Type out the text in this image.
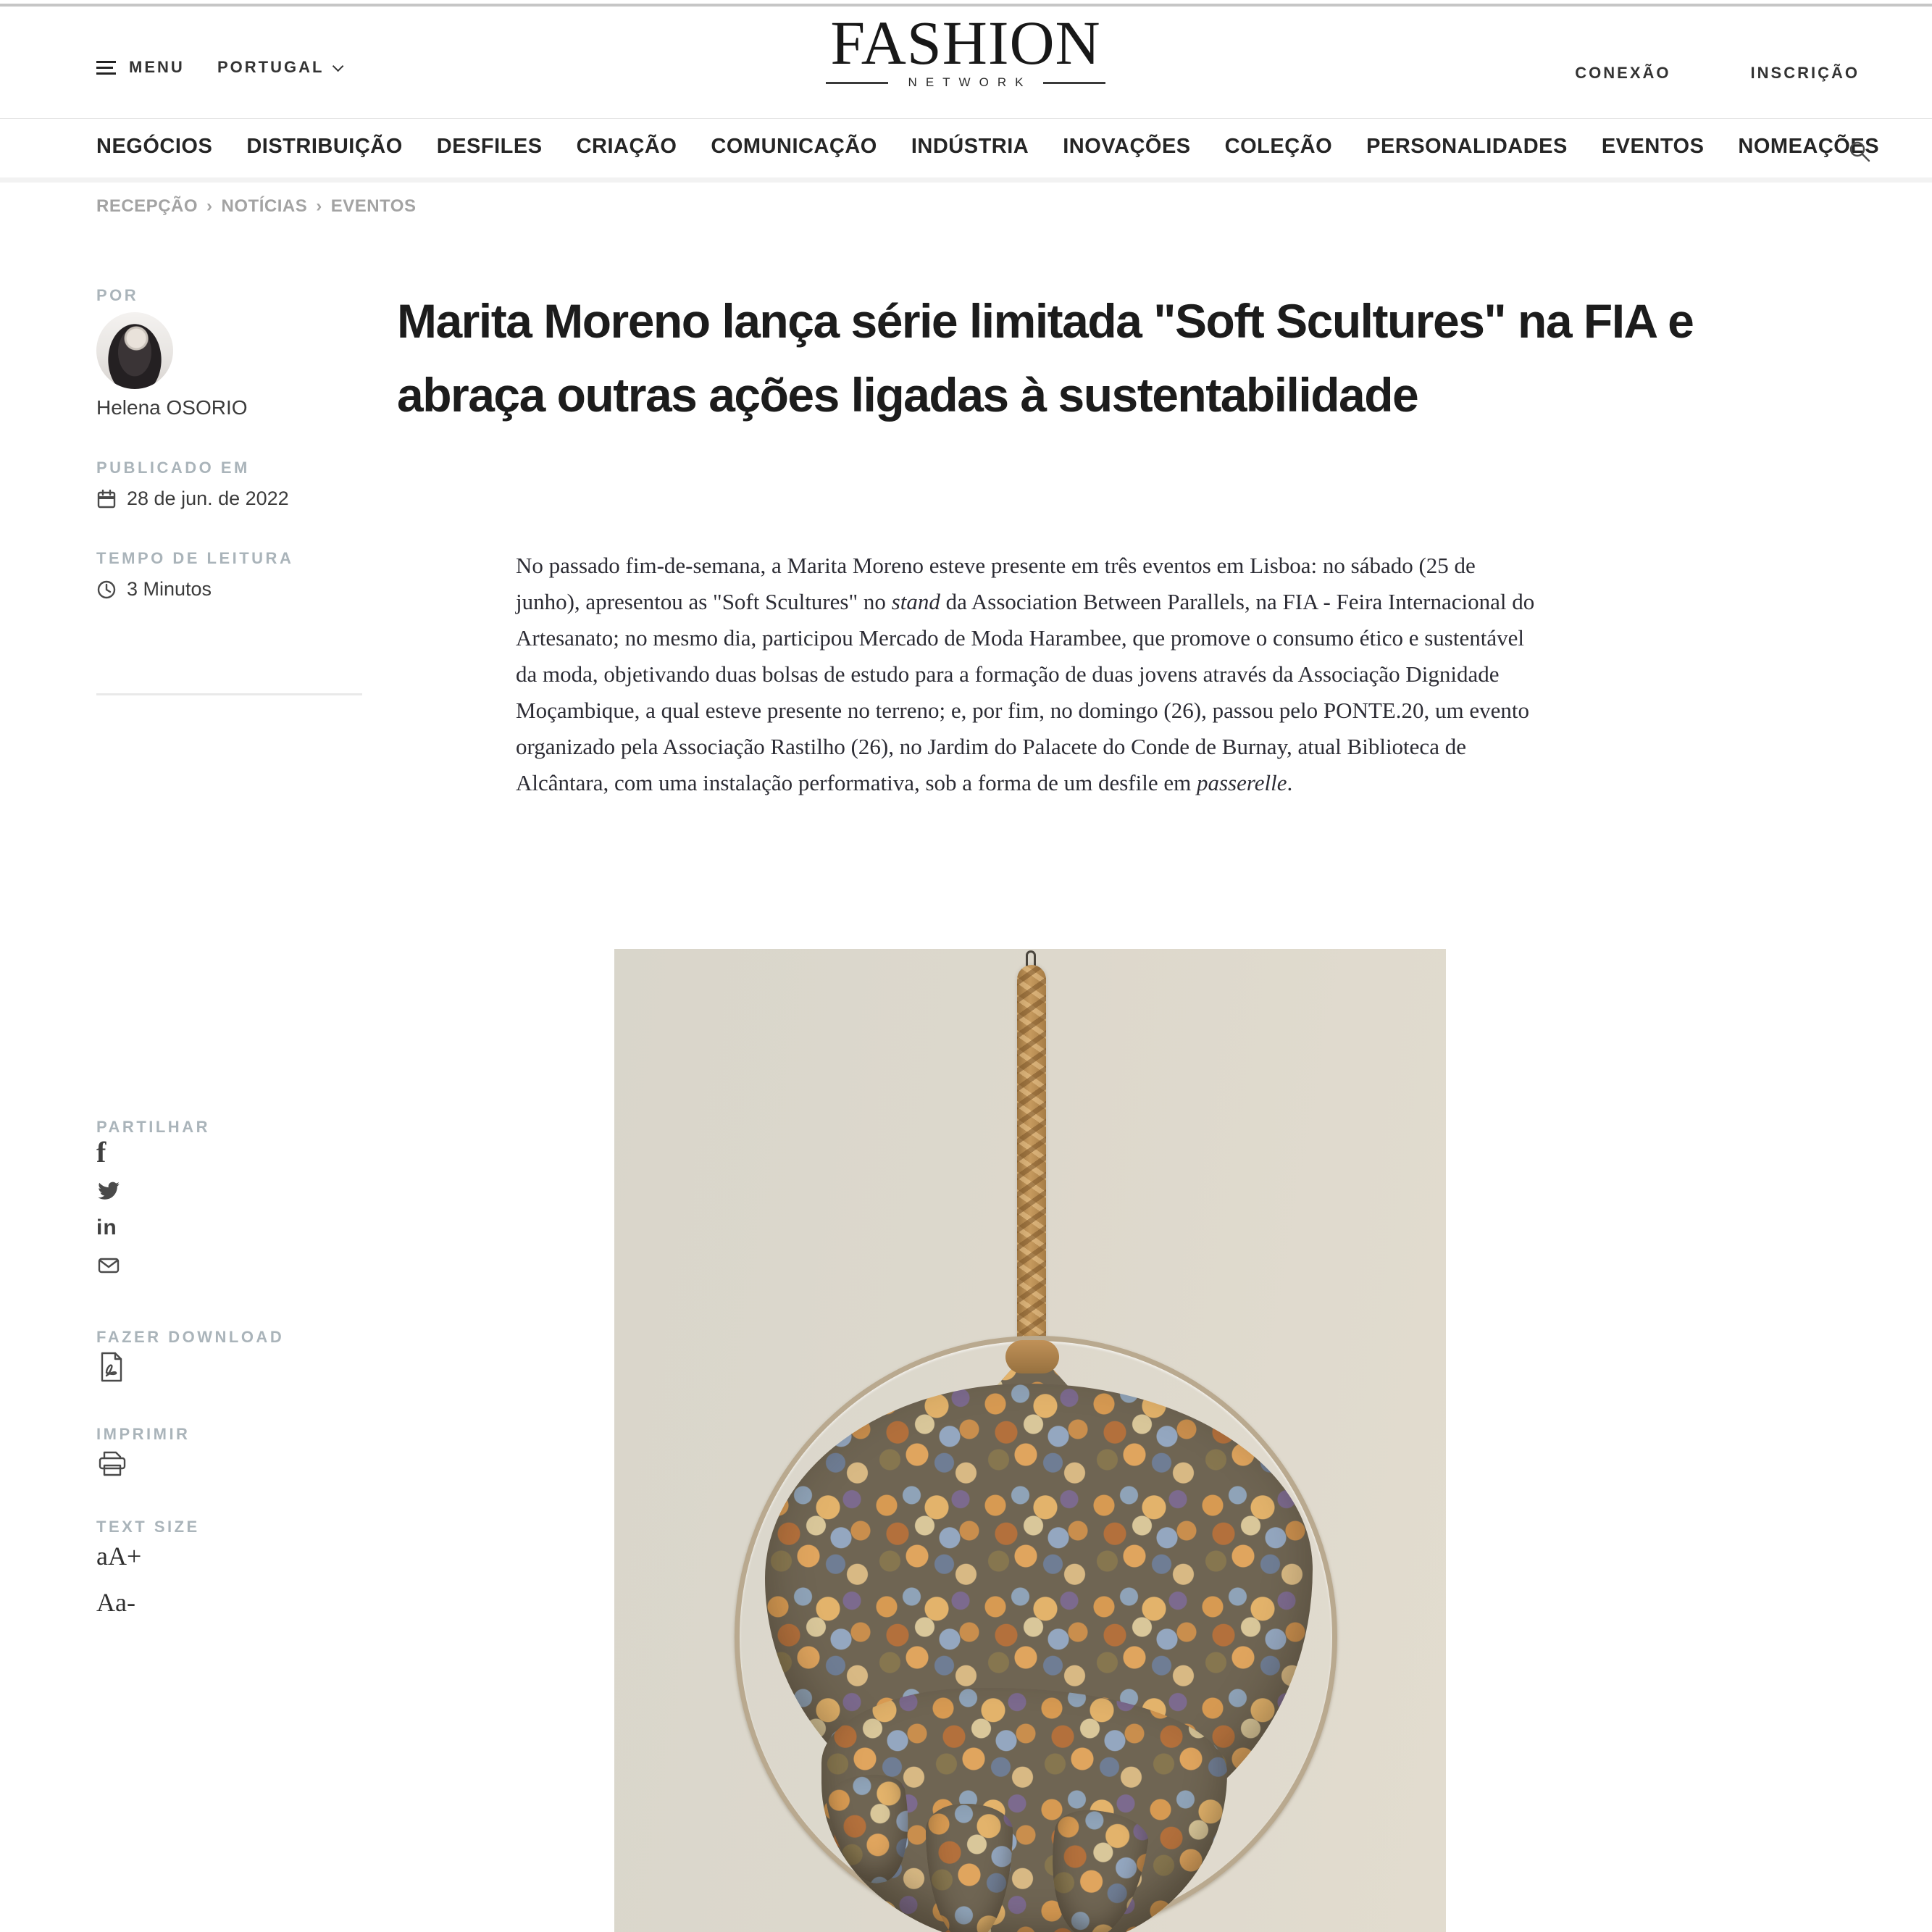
MENU PORTUGAL	FASHION
NETWORK
CONEXÃO	INSCRIÇÃO
NEGÓCIOS DISTRIBUIÇÃO DESFILES CRIAÇÃO COMUNICAÇÃO INDÚSTRIA INOVAÇÕES COLEÇÃO PERSONALIDADES EVENTOS NOMEAÇÕES
RECEPÇÃO › NOTÍCIAS › EVENTOS
POR
Helena OSORIO
PUBLICADO EM
28 de jun. de 2022
TEMPO DE LEITURA
3 Minutos
PARTILHAR
f
in
FAZER DOWNLOAD
IMPRIMIR
TEXT SIZE
aA+
Aa-
Marita Moreno lança série limitada "Soft Scultures" na FIA e abraça outras ações ligadas à sustentabilidade

No passado fim-de-semana, a Marita Moreno esteve presente em três eventos em Lisboa: no sábado (25 de junho), apresentou as "Soft Scultures" no stand da Association Between Parallels, na FIA - Feira Internacional do Artesanato; no mesmo dia, participou Mercado de Moda Harambee, que promove o consumo ético e sustentável da moda, objetivando duas bolsas de estudo para a formação de duas jovens através da Associação Dignidade Moçambique, a qual esteve presente no terreno; e, por fim, no domingo (26), passou pelo PONTE.20, um evento organizado pela Associação Rastilho (26), no Jardim do Palacete do Conde de Burnay, atual Biblioteca de Alcântara, com uma instalação performativa, sob a forma de um desfile em passerelle.
